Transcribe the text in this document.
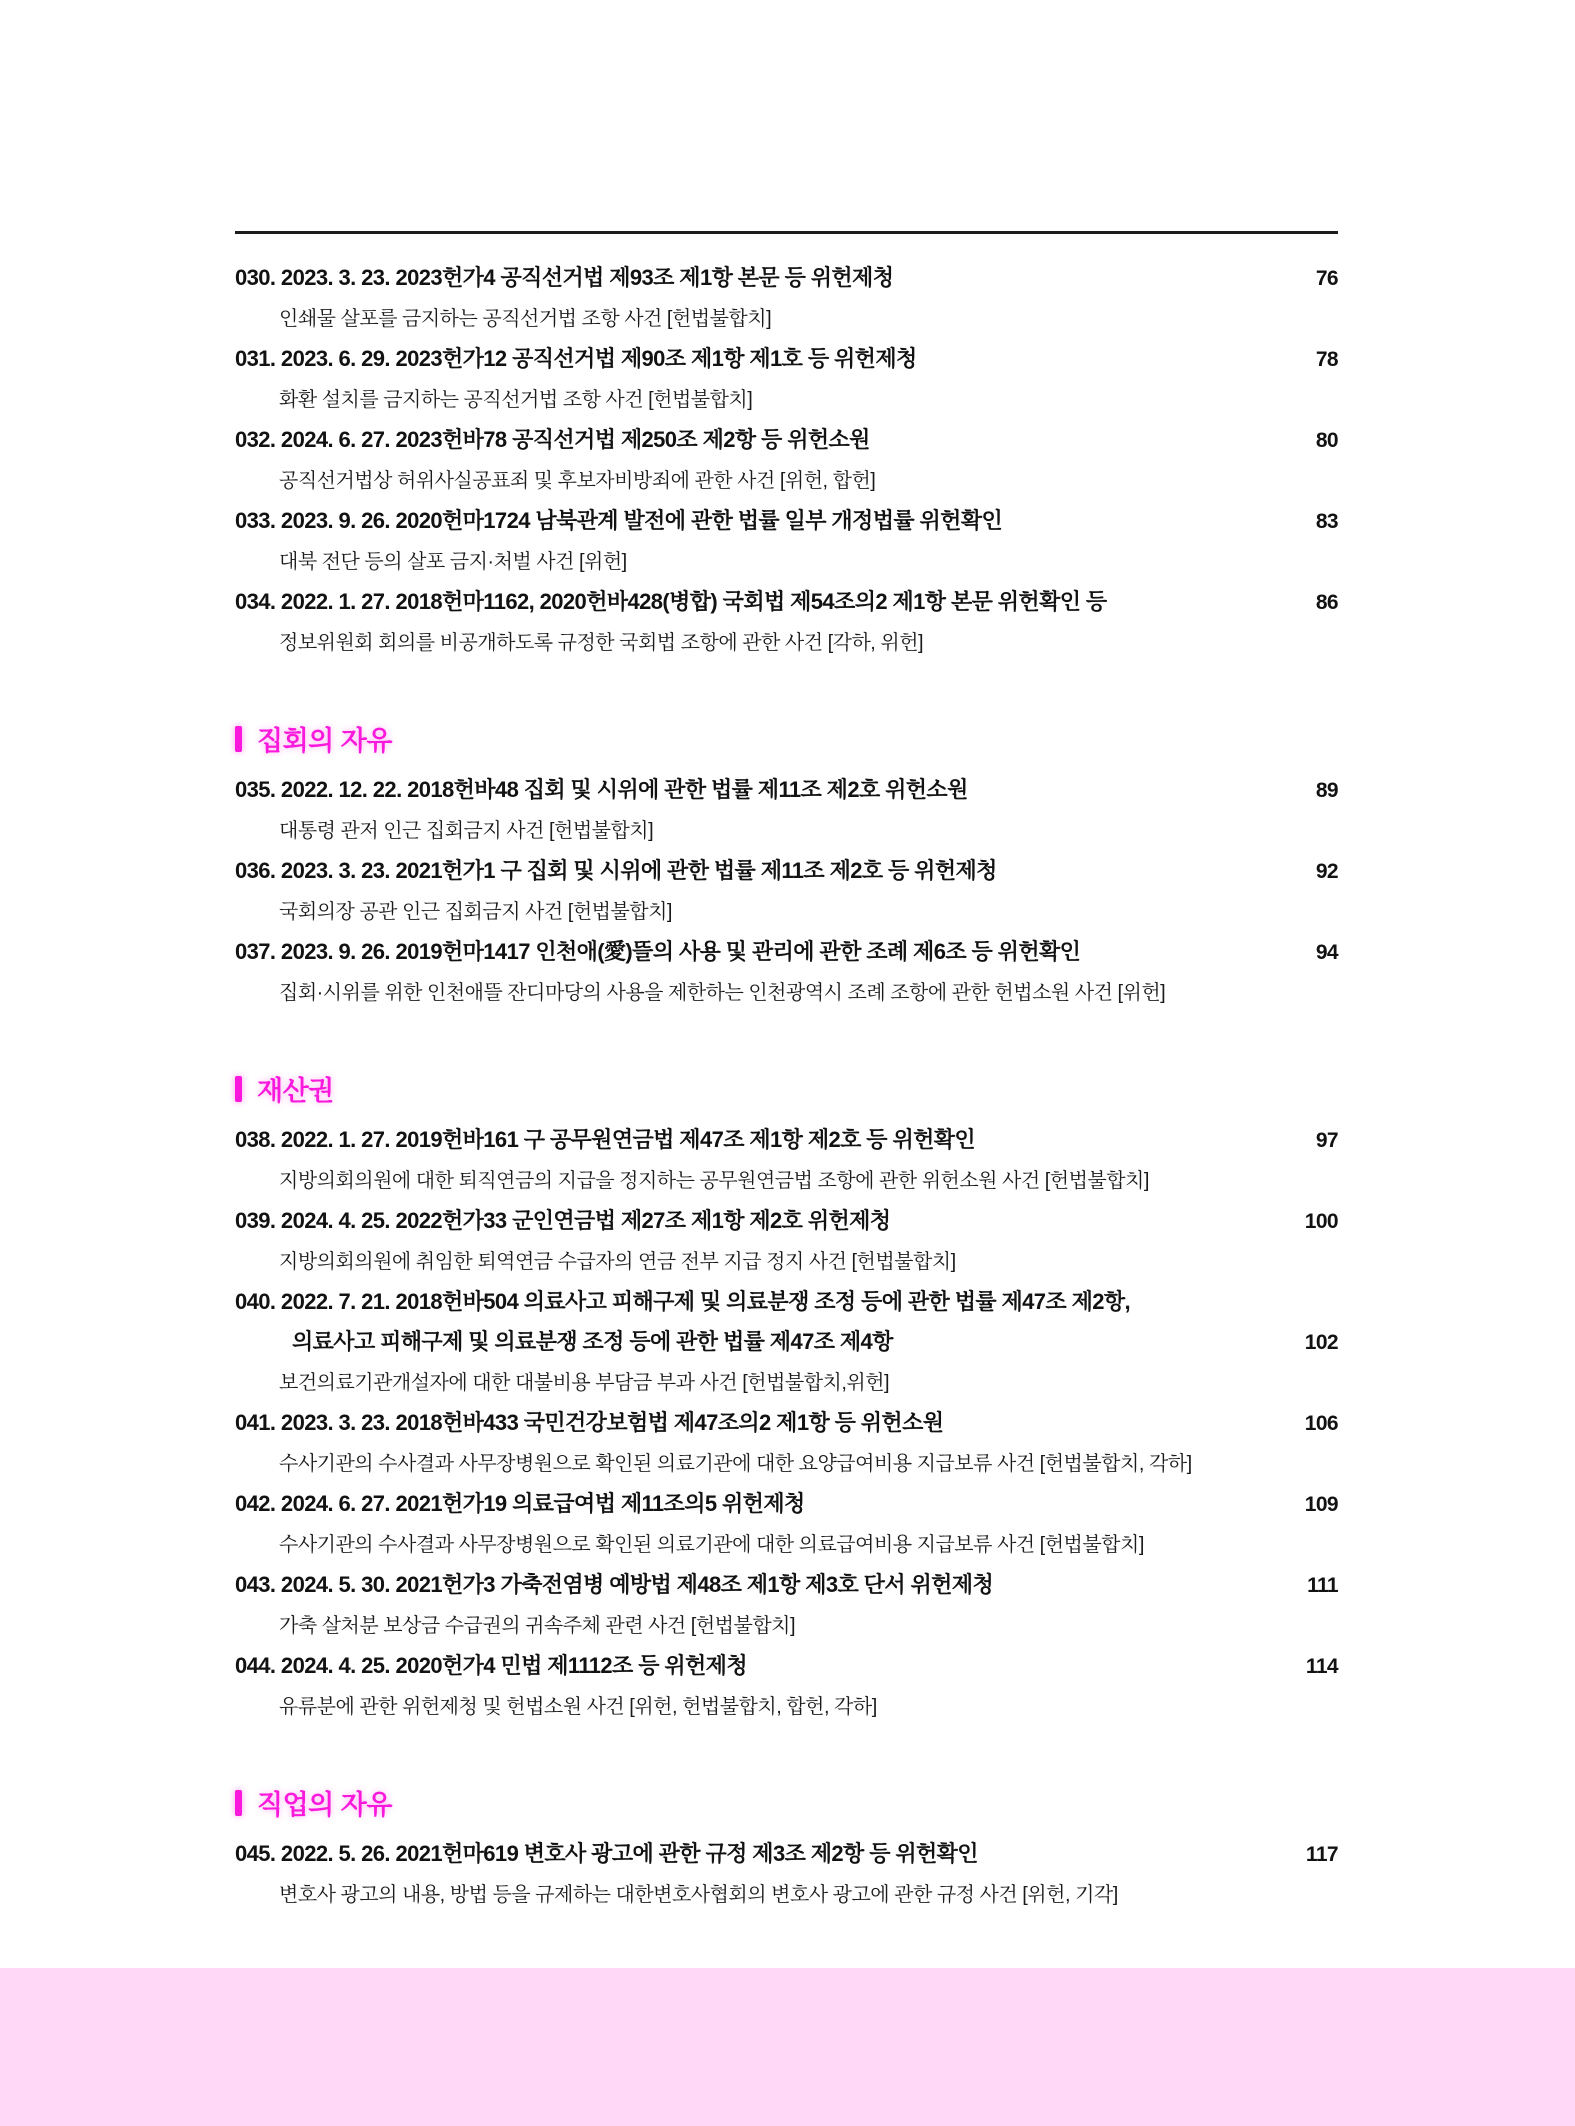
030. 2023. 3. 23. 2023헌가4 공직선거법 제93조 제1항 본문 등 위헌제청	76
인쇄물 살포를 금지하는 공직선거법 조항 사건 [헌법불합치]
031. 2023. 6. 29. 2023헌가12 공직선거법 제90조 제1항 제1호 등 위헌제청	78
화환 설치를 금지하는 공직선거법 조항 사건 [헌법불합치]
032. 2024. 6. 27. 2023헌바78 공직선거법 제250조 제2항 등 위헌소원	80
공직선거법상 허위사실공표죄 및 후보자비방죄에 관한 사건 [위헌, 합헌]
033. 2023. 9. 26. 2020헌마1724 남북관계 발전에 관한 법률 일부 개정법률 위헌확인	83
대북 전단 등의 살포 금지·처벌 사건 [위헌]
034. 2022. 1. 27. 2018헌마1162, 2020헌바428(병합) 국회법 제54조의2 제1항 본문 위헌확인 등	86
정보위원회 회의를 비공개하도록 규정한 국회법 조항에 관한 사건 [각하, 위헌]
집회의 자유
035. 2022. 12. 22. 2018헌바48 집회 및 시위에 관한 법률 제11조 제2호 위헌소원	89
대통령 관저 인근 집회금지 사건 [헌법불합치]
036. 2023. 3. 23. 2021헌가1 구 집회 및 시위에 관한 법률 제11조 제2호 등 위헌제청	92
국회의장 공관 인근 집회금지 사건 [헌법불합치]
037. 2023. 9. 26. 2019헌마1417 인천애(愛)뜰의 사용 및 관리에 관한 조례 제6조 등 위헌확인	94
집회·시위를 위한 인천애뜰 잔디마당의 사용을 제한하는 인천광역시 조례 조항에 관한 헌법소원 사건 [위헌]
재산권
038. 2022. 1. 27. 2019헌바161 구 공무원연금법 제47조 제1항 제2호 등 위헌확인	97
지방의회의원에 대한 퇴직연금의 지급을 정지하는 공무원연금법 조항에 관한 위헌소원 사건 [헌법불합치]
039. 2024. 4. 25. 2022헌가33 군인연금법 제27조 제1항 제2호 위헌제청	100
지방의회의원에 취임한 퇴역연금 수급자의 연금 전부 지급 정지 사건 [헌법불합치]
040. 2022. 7. 21. 2018헌바504 의료사고 피해구제 및 의료분쟁 조정 등에 관한 법률 제47조 제2항,
의료사고 피해구제 및 의료분쟁 조정 등에 관한 법률 제47조 제4항	102
보건의료기관개설자에 대한 대불비용 부담금 부과 사건 [헌법불합치,위헌]
041. 2023. 3. 23. 2018헌바433 국민건강보험법 제47조의2 제1항 등 위헌소원	106
수사기관의 수사결과 사무장병원으로 확인된 의료기관에 대한 요양급여비용 지급보류 사건 [헌법불합치, 각하]
042. 2024. 6. 27. 2021헌가19 의료급여법 제11조의5 위헌제청	109
수사기관의 수사결과 사무장병원으로 확인된 의료기관에 대한 의료급여비용 지급보류 사건 [헌법불합치]
043. 2024. 5. 30. 2021헌가3 가축전염병 예방법 제48조 제1항 제3호 단서 위헌제청	111
가축 살처분 보상금 수급권의 귀속주체 관련 사건 [헌법불합치]
044. 2024. 4. 25. 2020헌가4 민법 제1112조 등 위헌제청	114
유류분에 관한 위헌제청 및 헌법소원 사건 [위헌, 헌법불합치, 합헌, 각하]
직업의 자유
045. 2022. 5. 26. 2021헌마619 변호사 광고에 관한 규정 제3조 제2항 등 위헌확인	117
변호사 광고의 내용, 방법 등을 규제하는 대한변호사협회의 변호사 광고에 관한 규정 사건 [위헌, 기각]
